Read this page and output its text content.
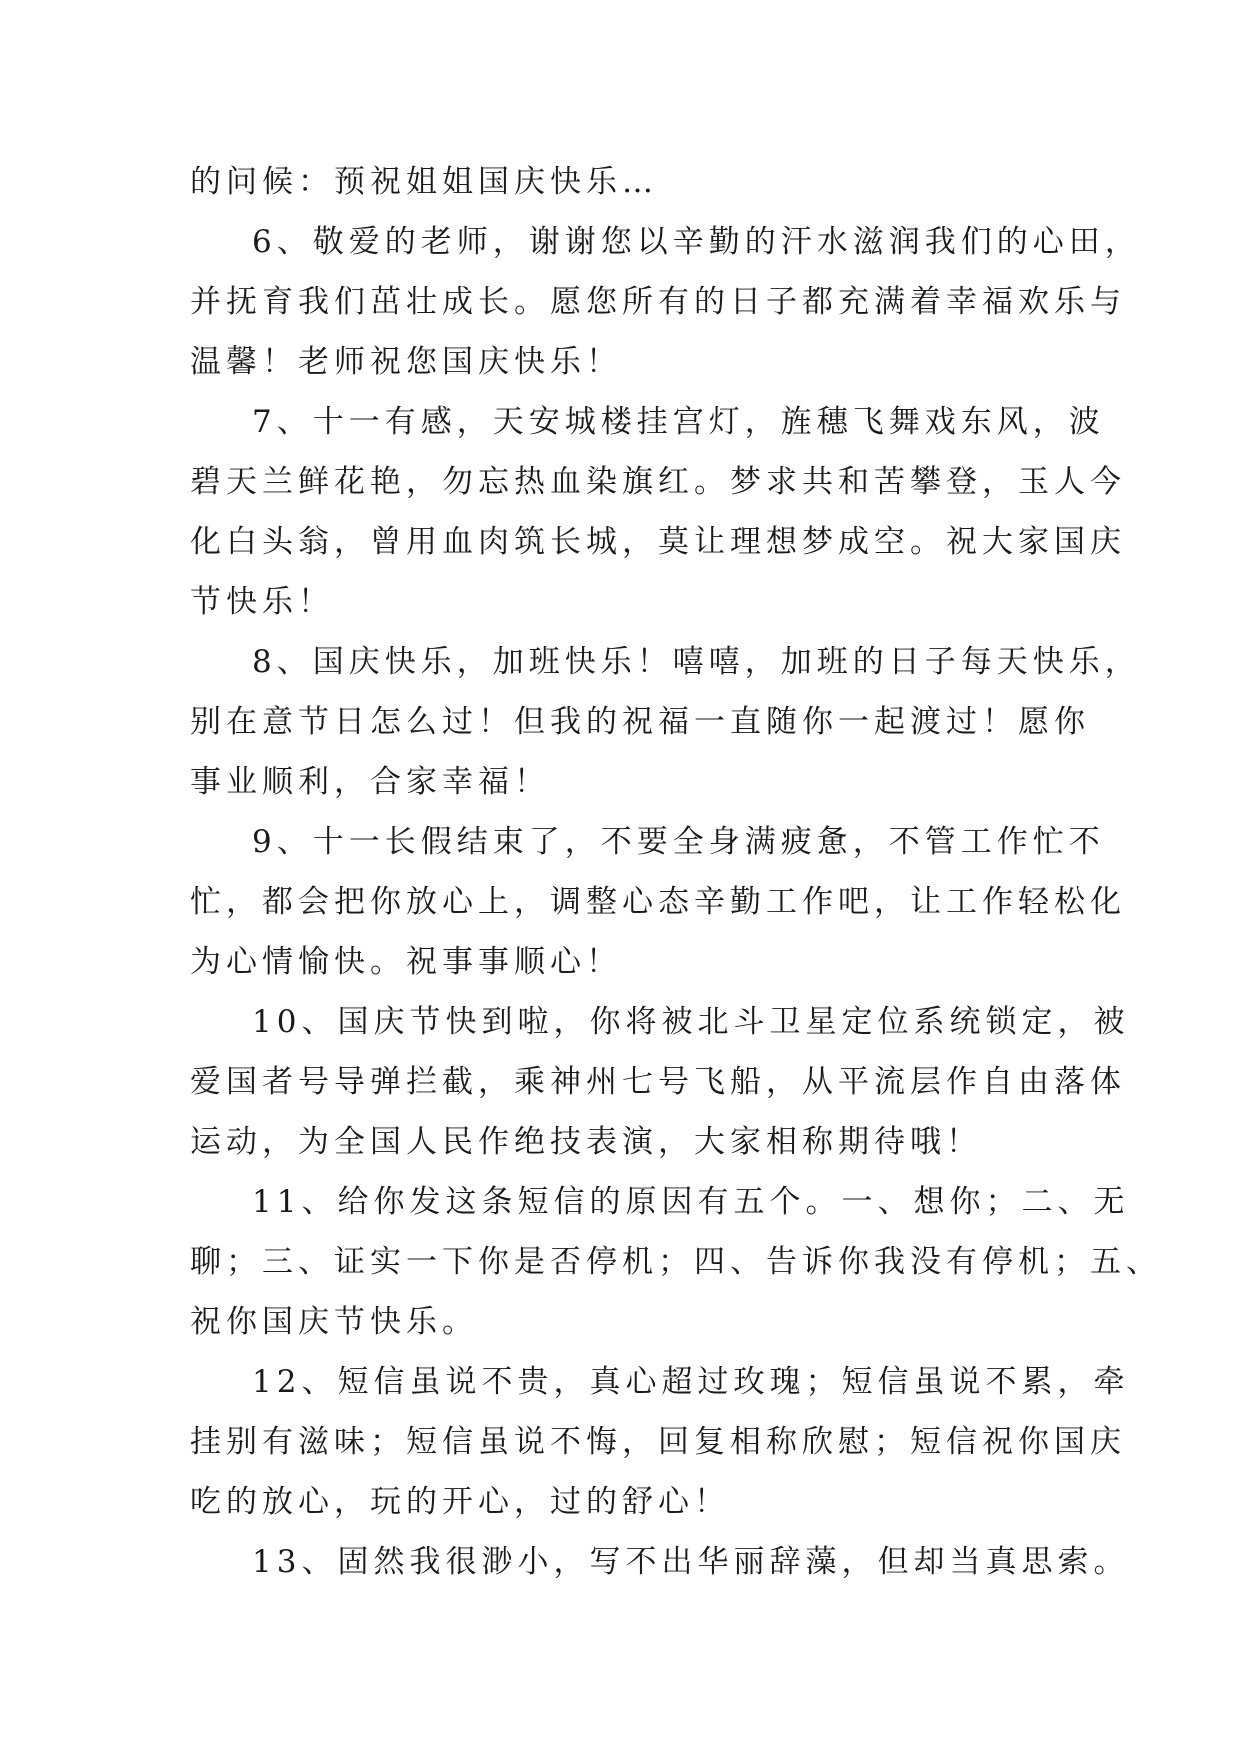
的问候：预祝姐姐国庆快乐…
6、敬爱的老师，谢谢您以辛勤的汗水滋润我们的心田，
并抚育我们茁壮成长。愿您所有的日子都充满着幸福欢乐与
温馨！老师祝您国庆快乐！
7、十一有感，天安城楼挂宫灯，旌穗飞舞戏东风，波
碧天兰鲜花艳，勿忘热血染旗红。梦求共和苦攀登，玉人今
化白头翁，曾用血肉筑长城，莫让理想梦成空。祝大家国庆
节快乐！
8、国庆快乐，加班快乐！嘻嘻，加班的日子每天快乐，
别在意节日怎么过！但我的祝福一直随你一起渡过！愿你
事业顺利，合家幸福！
9、十一长假结束了，不要全身满疲惫，不管工作忙不
忙，都会把你放心上，调整心态辛勤工作吧，让工作轻松化
为心情愉快。祝事事顺心！
10、国庆节快到啦，你将被北斗卫星定位系统锁定，被
爱国者号导弹拦截，乘神州七号飞船，从平流层作自由落体
运动，为全国人民作绝技表演，大家相称期待哦！
11、给你发这条短信的原因有五个。一、想你；二、无
聊；三、证实一下你是否停机；四、告诉你我没有停机；五、
祝你国庆节快乐。
12、短信虽说不贵，真心超过玫瑰；短信虽说不累，牵
挂别有滋味；短信虽说不悔，回复相称欣慰；短信祝你国庆
吃的放心，玩的开心，过的舒心！
13、固然我很渺小，写不出华丽辞藻，但却当真思索。
